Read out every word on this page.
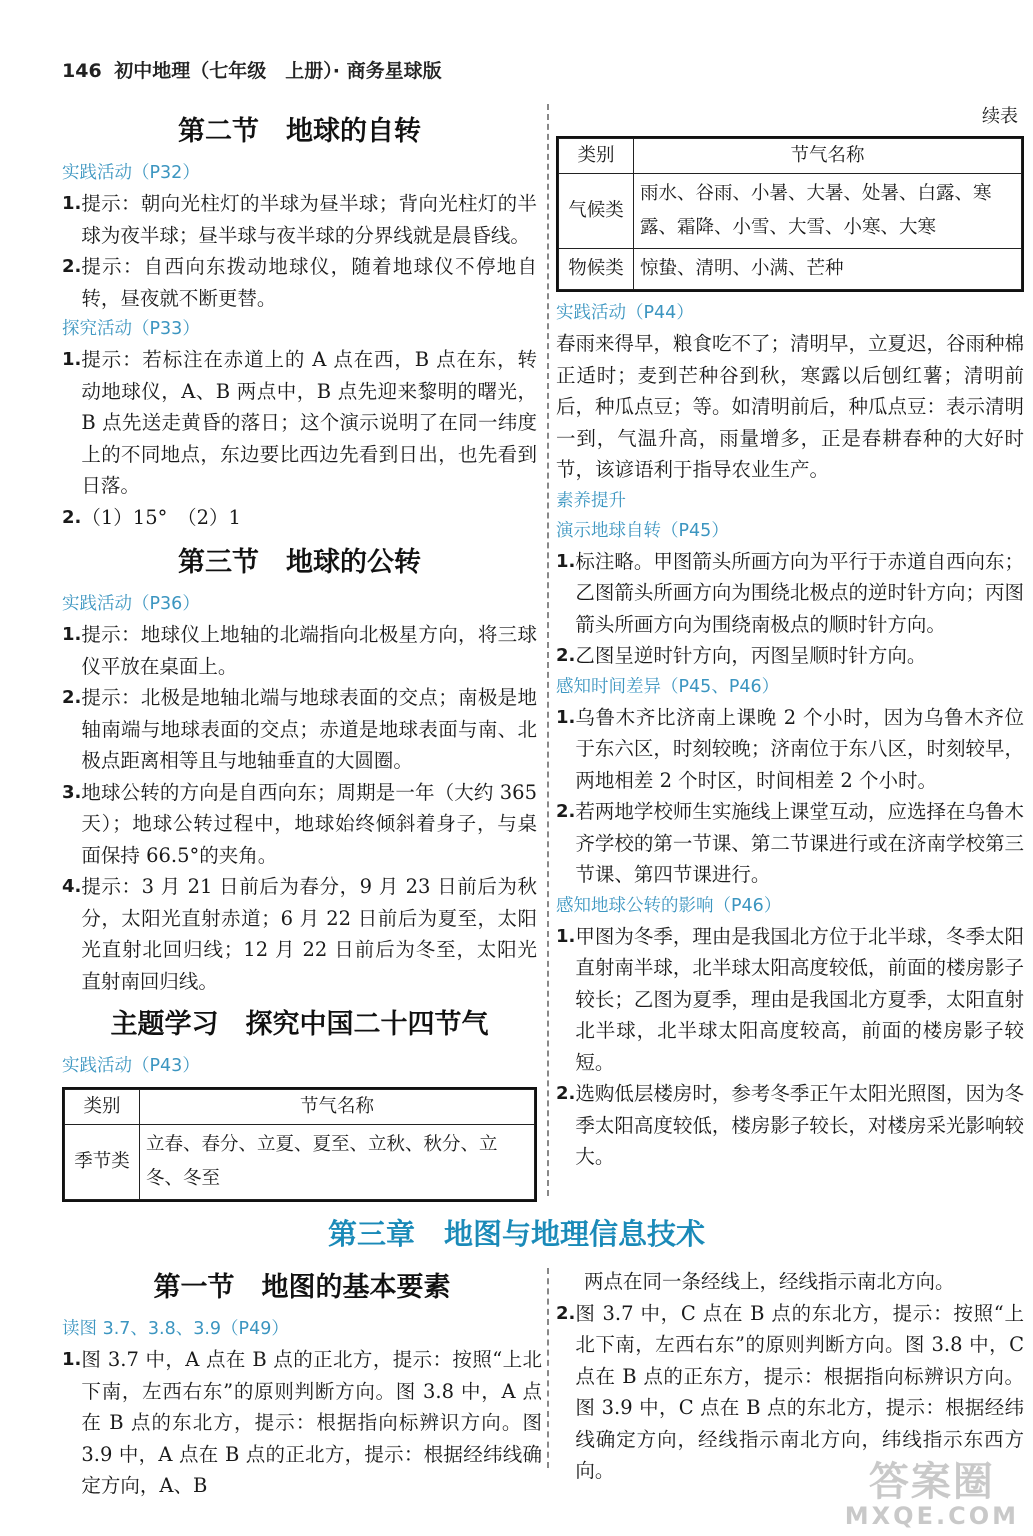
146 初中地理（七年级　上册）· 商务星球版
第二节　地球的自转
实践活动（P32）
1. 提示：朝向光柱灯的半球为昼半球；背向光柱灯的半球为夜半球；昼半球与夜半球的分界线就是晨昏线。
2. 提示：自西向东拨动地球仪，随着地球仪不停地自转，昼夜就不断更替。
探究活动（P33）
1. 提示：若标注在赤道上的 A 点在西，B 点在东，转动地球仪，A、B 两点中，B 点先迎来黎明的曙光，B 点先送走黄昏的落日；这个演示说明了在同一纬度上的不同地点，东边要比西边先看到日出，也先看到日落。
2. （1）15°　（2）1
第三节　地球的公转
实践活动（P36）
1. 提示：地球仪上地轴的北端指向北极星方向，将三球仪平放在桌面上。
2. 提示：北极是地轴北端与地球表面的交点；南极是地轴南端与地球表面的交点；赤道是地球表面与南、北极点距离相等且与地轴垂直的大圆圈。
3. 地球公转的方向是自西向东；周期是一年（大约 365 天）；地球公转过程中，地球始终倾斜着身子，与桌面保持 66.5°的夹角。
4. 提示：3 月 21 日前后为春分，9 月 23 日前后为秋分，太阳光直射赤道；6 月 22 日前后为夏至，太阳光直射北回归线；12 月 22 日前后为冬至，太阳光直射南回归线。
主题学习　探究中国二十四节气
实践活动（P43）
类别	节气名称
季节类	立春、春分、立夏、夏至、立秋、秋分、立冬、冬至
续表
类别	节气名称
气候类	雨水、谷雨、小暑、大暑、处暑、白露、寒露、霜降、小雪、大雪、小寒、大寒
物候类	惊蛰、清明、小满、芒种
实践活动（P44）
春雨来得早，粮食吃不了；清明早，立夏迟，谷雨种棉正适时；麦到芒种谷到秋，寒露以后刨红薯；清明前后，种瓜点豆；等。如清明前后，种瓜点豆：表示清明一到，气温升高，雨量增多，正是春耕春种的大好时节，该谚语利于指导农业生产。
素养提升
演示地球自转（P45）
1. 标注略。甲图箭头所画方向为平行于赤道自西向东；乙图箭头所画方向为围绕北极点的逆时针方向；丙图箭头所画方向为围绕南极点的顺时针方向。
2. 乙图呈逆时针方向，丙图呈顺时针方向。
感知时间差异（P45、P46）
1. 乌鲁木齐比济南上课晚 2 个小时，因为乌鲁木齐位于东六区，时刻较晚；济南位于东八区，时刻较早，两地相差 2 个时区，时间相差 2 个小时。
2. 若两地学校师生实施线上课堂互动，应选择在乌鲁木齐学校的第一节课、第二节课进行或在济南学校第三节课、第四节课进行。
感知地球公转的影响（P46）
1. 甲图为冬季，理由是我国北方位于北半球，冬季太阳直射南半球，北半球太阳高度较低，前面的楼房影子较长；乙图为夏季，理由是我国北方夏季，太阳直射北半球，北半球太阳高度较高，前面的楼房影子较短。
2. 选购低层楼房时，参考冬季正午太阳光照图，因为冬季太阳高度较低，楼房影子较长，对楼房采光影响较大。
第三章　地图与地理信息技术
第一节　地图的基本要素
读图 3.7、3.8、3.9（P49）
1. 图 3.7 中，A 点在 B 点的正北方，提示：按照“上北下南，左西右东”的原则判断方向。图 3.8 中，A 点在 B 点的东北方，提示：根据指向标辨识方向。图 3.9 中，A 点在 B 点的正北方，提示：根据经纬线确定方向，A、B
两点在同一条经线上，经线指示南北方向。
2. 图 3.7 中，C 点在 B 点的东北方，提示：按照“上北下南，左西右东”的原则判断方向。图 3.8 中，C 点在 B 点的正东方，提示：根据指向标辨识方向。图 3.9 中，C 点在 B 点的东北方，提示：根据经纬线确定方向，经线指示南北方向，纬线指示东西方向。	答案圈
MXQE.COM
